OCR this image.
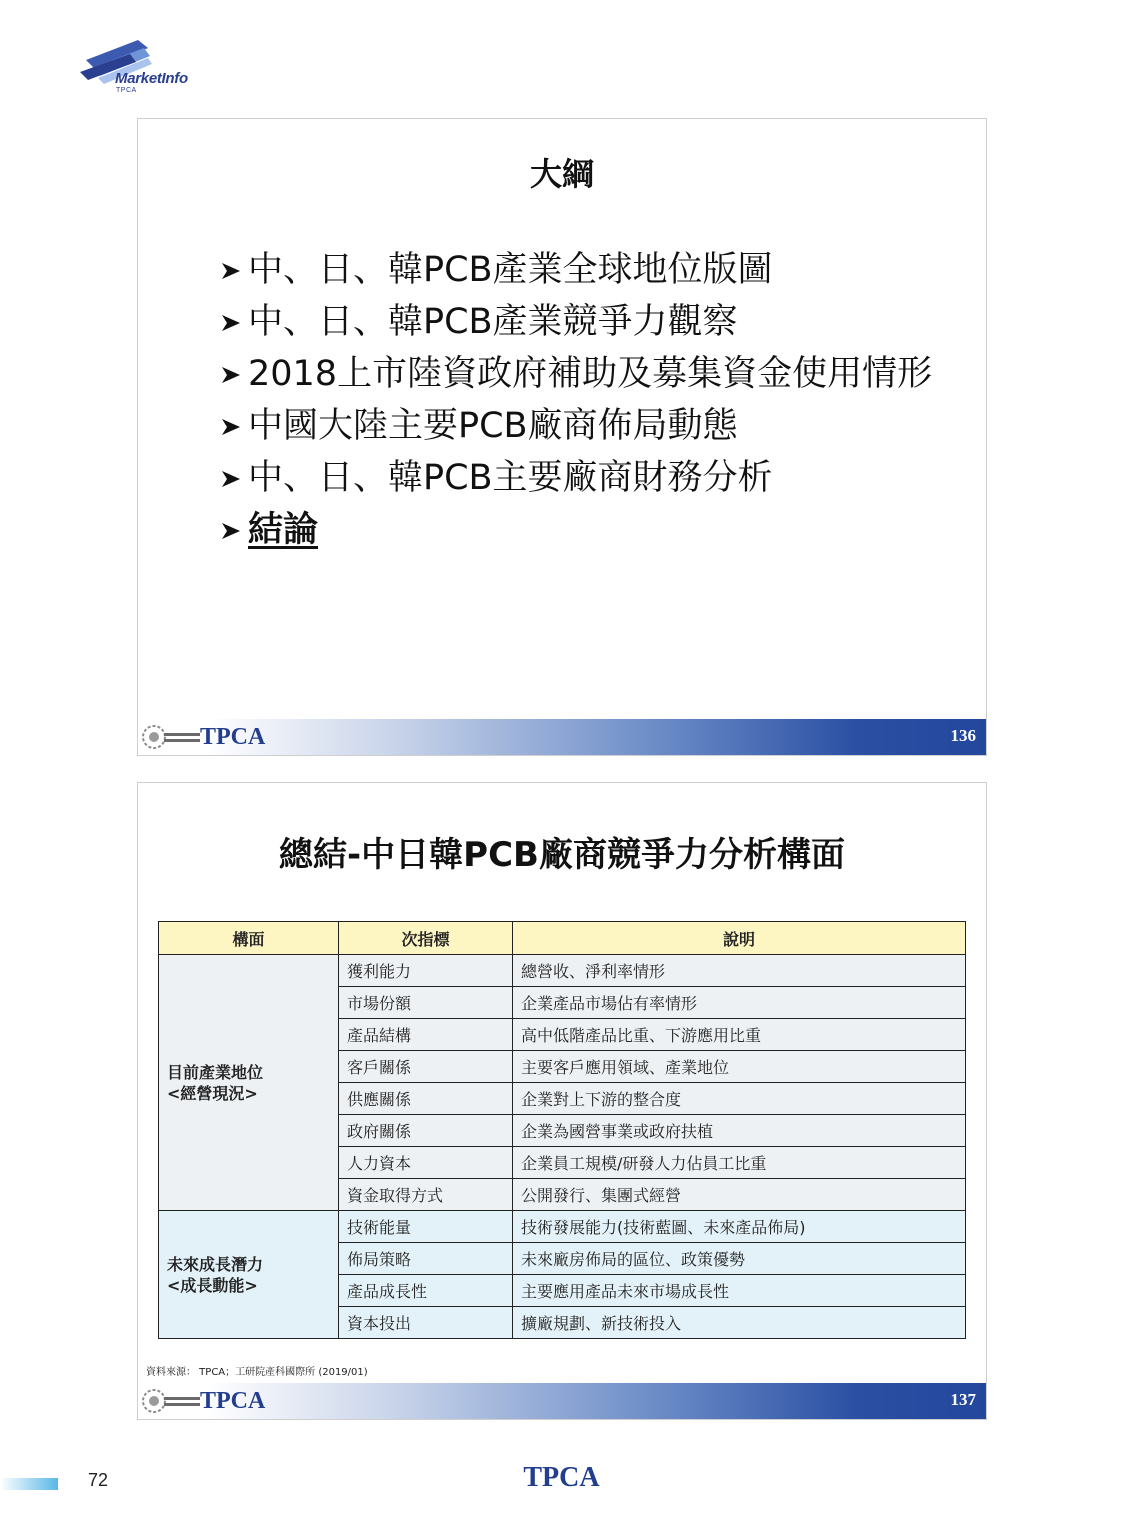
MarketInfo
TPCA
大綱
中、日、韓PCB產業全球地位版圖
中、日、韓PCB產業競爭力觀察
2018上市陸資政府補助及募集資金使用情形
中國大陸主要PCB廠商佈局動態
中、日、韓PCB主要廠商財務分析
結論
TPCA	136
總結-中日韓PCB廠商競爭力分析構面
構面	次指標	說明
目前產業地位
<經營現況>	獲利能力	總營收、淨利率情形
	市場份額	企業產品市場佔有率情形
	產品結構	高中低階產品比重、下游應用比重
	客戶關係	主要客戶應用領域、產業地位
	供應關係	企業對上下游的整合度
	政府關係	企業為國營事業或政府扶植
	人力資本	企業員工規模/研發人力佔員工比重
	資金取得方式	公開發行、集團式經營
未來成長潛力
<成長動能>	技術能量	技術發展能力(技術藍圖、未來產品佈局)
	佈局策略	未來廠房佈局的區位、政策優勢
	產品成長性	主要應用產品未來市場成長性
	資本投出	擴廠規劃、新技術投入
資料來源： TPCA；工研院產科國際所 (2019/01)
TPCA	137
72	TPCA
